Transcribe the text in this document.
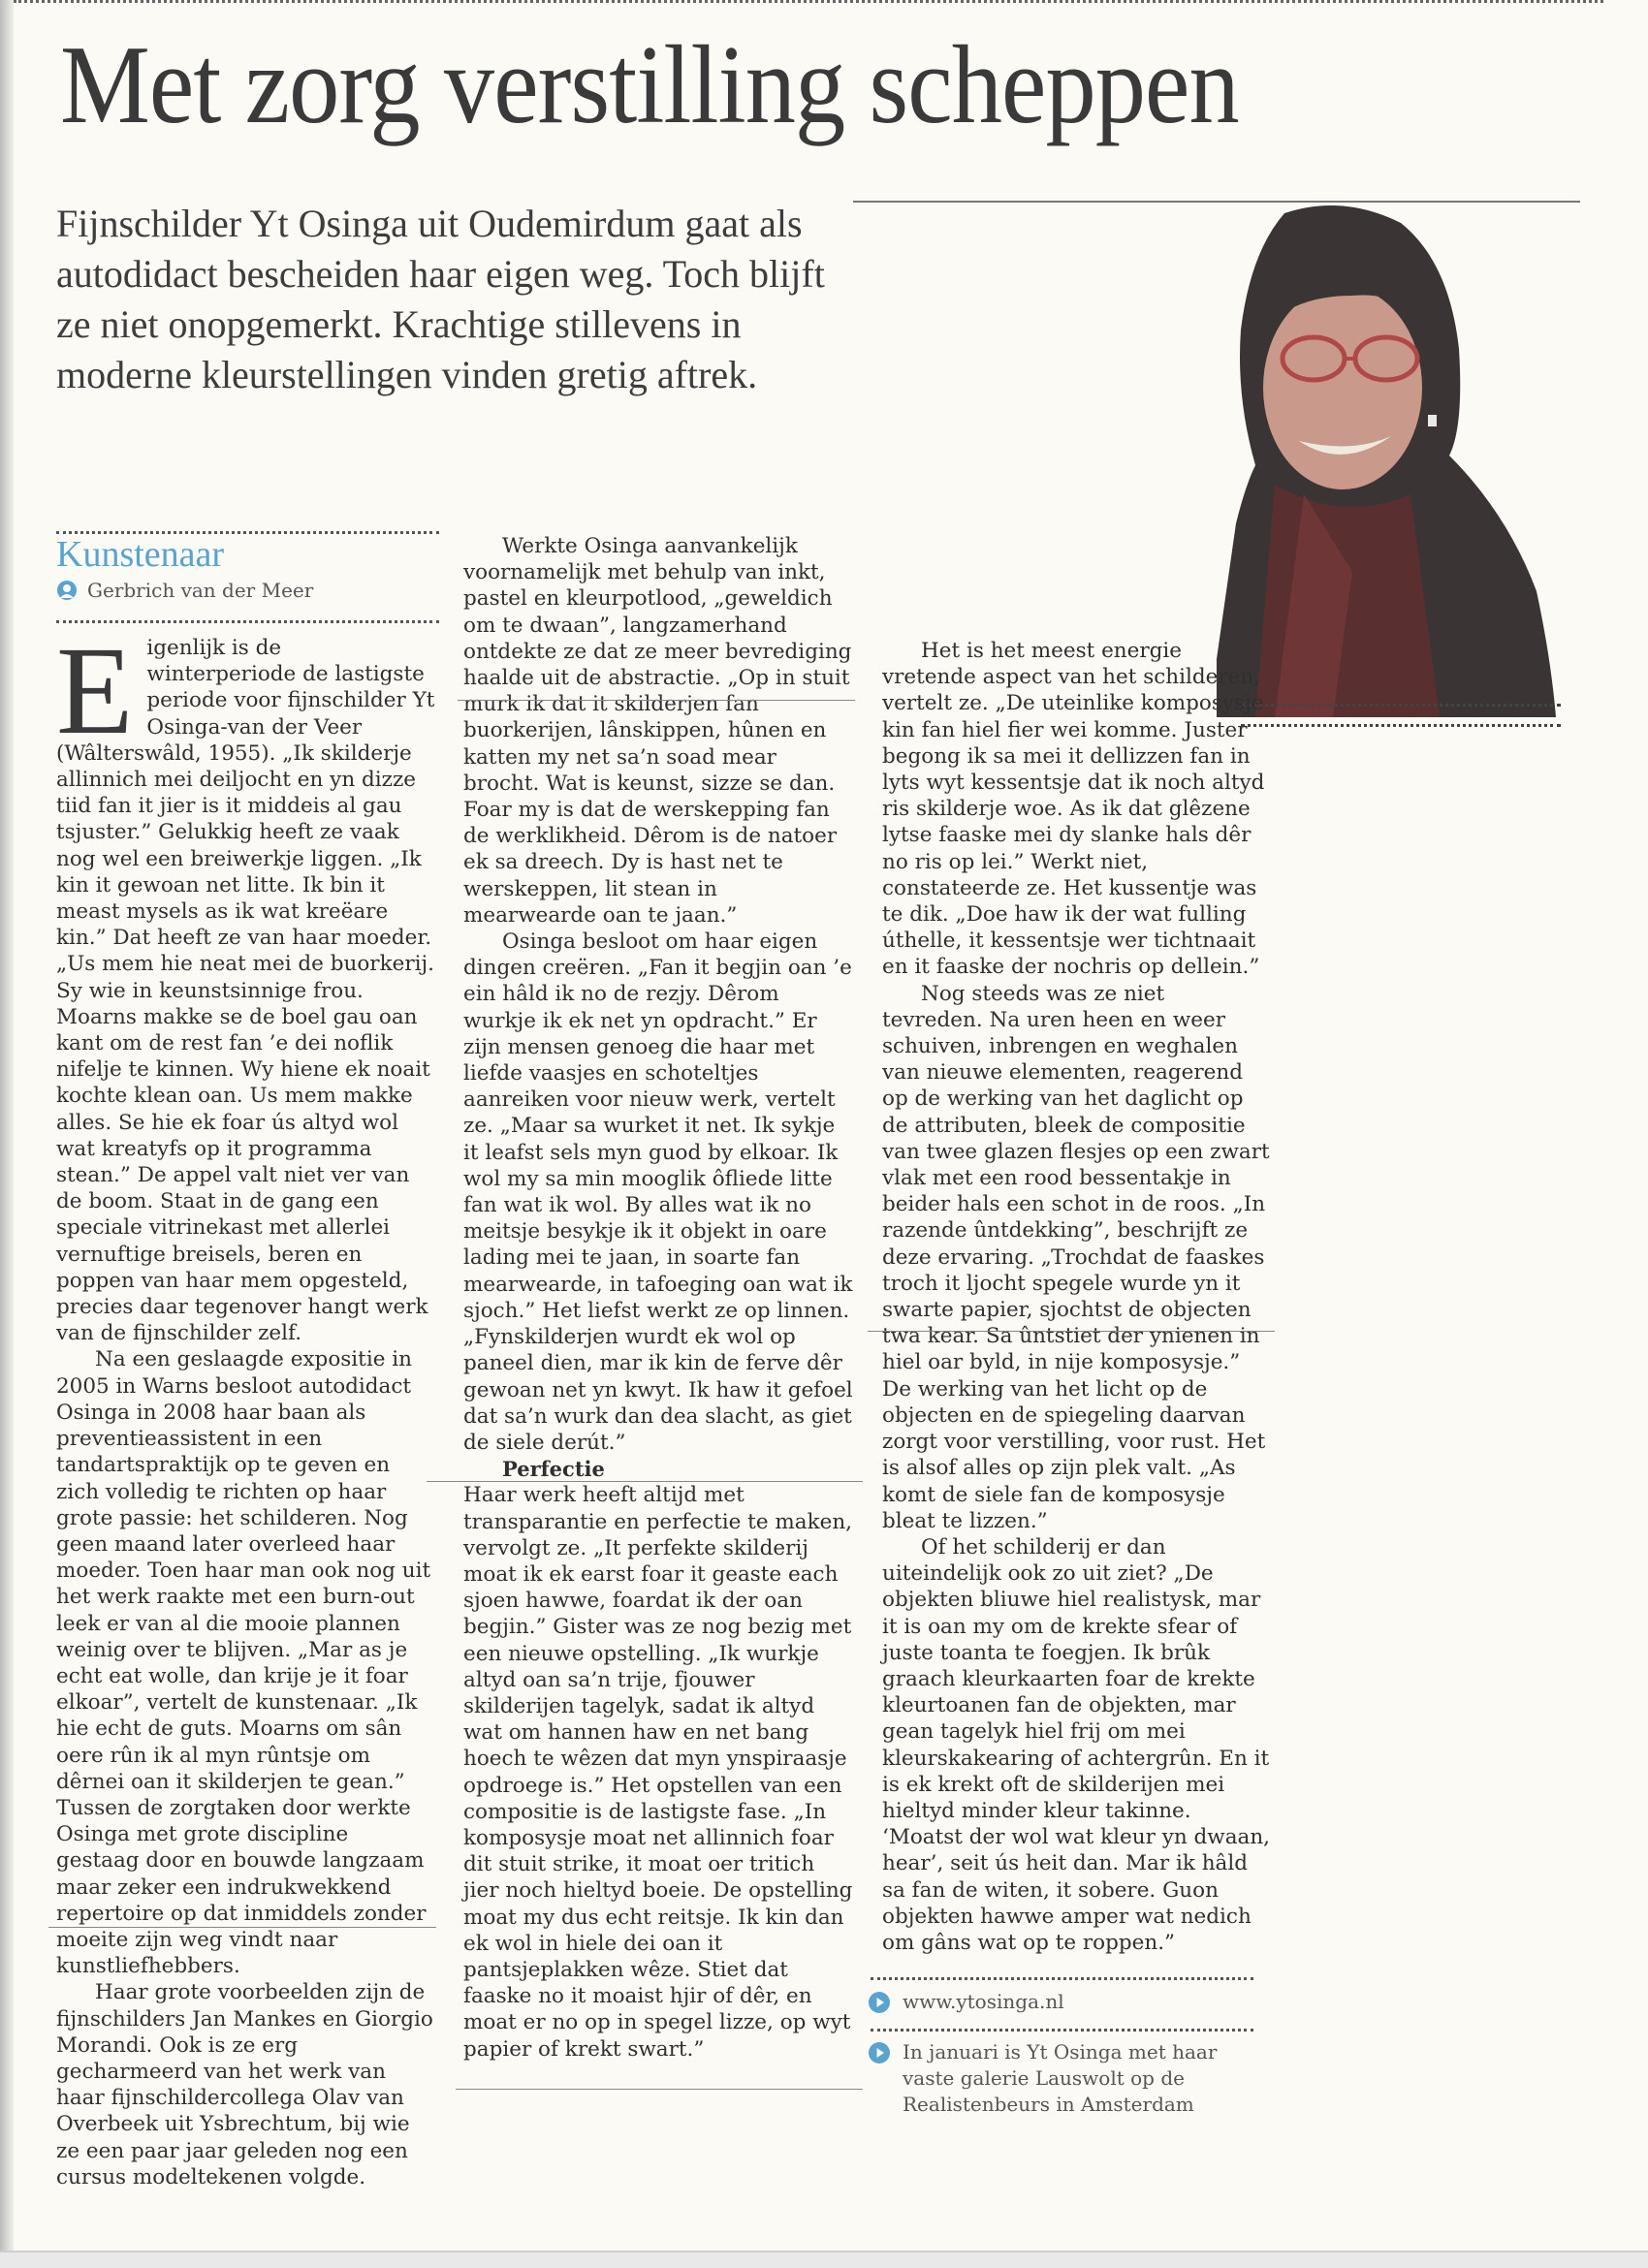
Met zorg verstilling scheppen

Fijnschilder Yt Osinga uit Oudemirdum gaat als autodidact bescheiden haar eigen weg. Toch blijft ze niet onopgemerkt. Krachtige stillevens in moderne kleurstellingen vinden gretig aftrek.

Kunstenaar
Gerbrich van der Meer

Eigenlijk is de winterperiode de lastigste periode voor fijnschilder Yt Osinga-van der Veer (Wâlterswâld, 1955). „Ik skilderje allinnich mei deiljocht en yn dizze tiid fan it jier is it middeis al gau tsjuster.” Gelukkig heeft ze vaak nog wel een breiwerkje liggen. „Ik kin it gewoan net litte. Ik bin it meast mysels as ik wat kreëare kin.” Dat heeft ze van haar moeder. „Us mem hie neat mei de buorkerij. Sy wie in keunstsinnige frou. Moarns makke se de boel gau oan kant om de rest fan ’e dei noflik nifelje te kinnen. Wy hiene ek noait kochte klean oan. Us mem makke alles. Se hie ek foar ús altyd wol wat kreatyfs op it programma stean.” De appel valt niet ver van de boom. Staat in de gang een speciale vitrinekast met allerlei vernuftige breisels, beren en poppen van haar mem opgesteld, precies daar tegenover hangt werk van de fijnschilder zelf.

Na een geslaagde expositie in 2005 in Warns besloot autodidact Osinga in 2008 haar baan als preventieassistent in een tandartspraktijk op te geven en zich volledig te richten op haar grote passie: het schilderen. Nog geen maand later overleed haar moeder. Toen haar man ook nog uit het werk raakte met een burn-out leek er van al die mooie plannen weinig over te blijven. „Mar as je echt eat wolle, dan krije je it foar elkoar”, vertelt de kunstenaar. „Ik hie echt de guts. Moarns om sân oere rûn ik al myn rûntsje om dêrnei oan it skilderjen te gean.” Tussen de zorgtaken door werkte Osinga met grote discipline gestaag door en bouwde langzaam maar zeker een indrukwekkend repertoire op dat inmiddels zonder moeite zijn weg vindt naar kunstliefhebbers.

Haar grote voorbeelden zijn de fijnschilders Jan Mankes en Giorgio Morandi. Ook is ze erg gecharmeerd van het werk van haar fijnschildercollega Olav van Overbeek uit Ysbrechtum, bij wie ze een paar jaar geleden nog een cursus modeltekenen volgde.

Werkte Osinga aanvankelijk voornamelijk met behulp van inkt, pastel en kleurpotlood, „geweldich om te dwaan”, langzamerhand ontdekte ze dat ze meer bevrediging haalde uit de abstractie. „Op in stuit murk ik dat it skilderjen fan buorkerijen, lânskippen, hûnen en katten my net sa’n soad mear brocht. Wat is keunst, sizze se dan. Foar my is dat de werskepping fan de werklikheid. Dêrom is de natoer ek sa dreech. Dy is hast net te werskeppen, lit stean in mearwearde oan te jaan.”

Osinga besloot om haar eigen dingen creëren. „Fan it begjin oan ’e ein hâld ik no de rezjy. Dêrom wurkje ik ek net yn opdracht.” Er zijn mensen genoeg die haar met liefde vaasjes en schoteltjes aanreiken voor nieuw werk, vertelt ze. „Maar sa wurket it net. Ik sykje it leafst sels myn guod by elkoar. Ik wol my sa min mooglik ôfliede litte fan wat ik wol. By alles wat ik no meitsje besykje ik it objekt in oare lading mei te jaan, in soarte fan mearwearde, in tafoeging oan wat ik sjoch.” Het liefst werkt ze op linnen. „Fynskilderjen wurdt ek wol op paneel dien, mar ik kin de ferve dêr gewoan net yn kwyt. Ik haw it gefoel dat sa’n wurk dan dea slacht, as giet de siele derút.”

Perfectie

Haar werk heeft altijd met transparantie en perfectie te maken, vervolgt ze. „It perfekte skilderij moat ik ek earst foar it geaste each sjoen hawwe, foardat ik der oan begjin.” Gister was ze nog bezig met een nieuwe opstelling. „Ik wurkje altyd oan sa’n trije, fjouwer skilderijen tagelyk, sadat ik altyd wat om hannen haw en net bang hoech te wêzen dat myn ynspiraasje opdroege is.” Het opstellen van een compositie is de lastigste fase. „In komposysje moat net allinnich foar dit stuit strike, it moat oer tritich jier noch hieltyd boeie. De opstelling moat my dus echt reitsje. Ik kin dan ek wol in hiele dei oan it pantsjeplakken wêze. Stiet dat faaske no it moaist hjir of dêr, en moat er no op in spegel lizze, op wyt papier of krekt swart.”

Het is het meest energie vretende aspect van het schilderen, vertelt ze. „De uteinlike komposysje kin fan hiel fier wei komme. Juster begong ik sa mei it dellizzen fan in lyts wyt kessentsje dat ik noch altyd ris skilderje woe. As ik dat glêzene lytse faaske mei dy slanke hals dêr no ris op lei.” Werkt niet, constateerde ze. Het kussentje was te dik. „Doe haw ik der wat fulling úthelle, it kessentsje wer tichtnaait en it faaske der nochris op dellein.”

Nog steeds was ze niet tevreden. Na uren heen en weer schuiven, inbrengen en weghalen van nieuwe elementen, reagerend op de werking van het daglicht op de attributen, bleek de compositie van twee glazen flesjes op een zwart vlak met een rood bessentakje in beider hals een schot in de roos. „In razende ûntdekking”, beschrijft ze deze ervaring. „Trochdat de faaskes troch it ljocht spegele wurde yn it swarte papier, sjochtst de objecten twa kear. Sa ûntstiet der ynienen in hiel oar byld, in nije komposysje.” De werking van het licht op de objecten en de spiegeling daarvan zorgt voor verstilling, voor rust. Het is alsof alles op zijn plek valt. „As komt de siele fan de komposysje bleat te lizzen.”

Of het schilderij er dan uiteindelijk ook zo uit ziet? „De objekten bliuwe hiel realistysk, mar it is oan my om de krekte sfear of juste toanta te foegjen. Ik brûk graach kleurkaarten foar de krekte kleurtoanen fan de objekten, mar gean tagelyk hiel frij om mei kleurskakearing of achtergrûn. En it is ek krekt oft de skilderijen mei hieltyd minder kleur takinne. ‘Moatst der wol wat kleur yn dwaan, hear’, seit ús heit dan. Mar ik hâld sa fan de witen, it sobere. Guon objekten hawwe amper wat nedich om gâns wat op te roppen.”

www.ytosinga.nl
In januari is Yt Osinga met haar vaste galerie Lauswolt op de Realistenbeurs in Amsterdam
